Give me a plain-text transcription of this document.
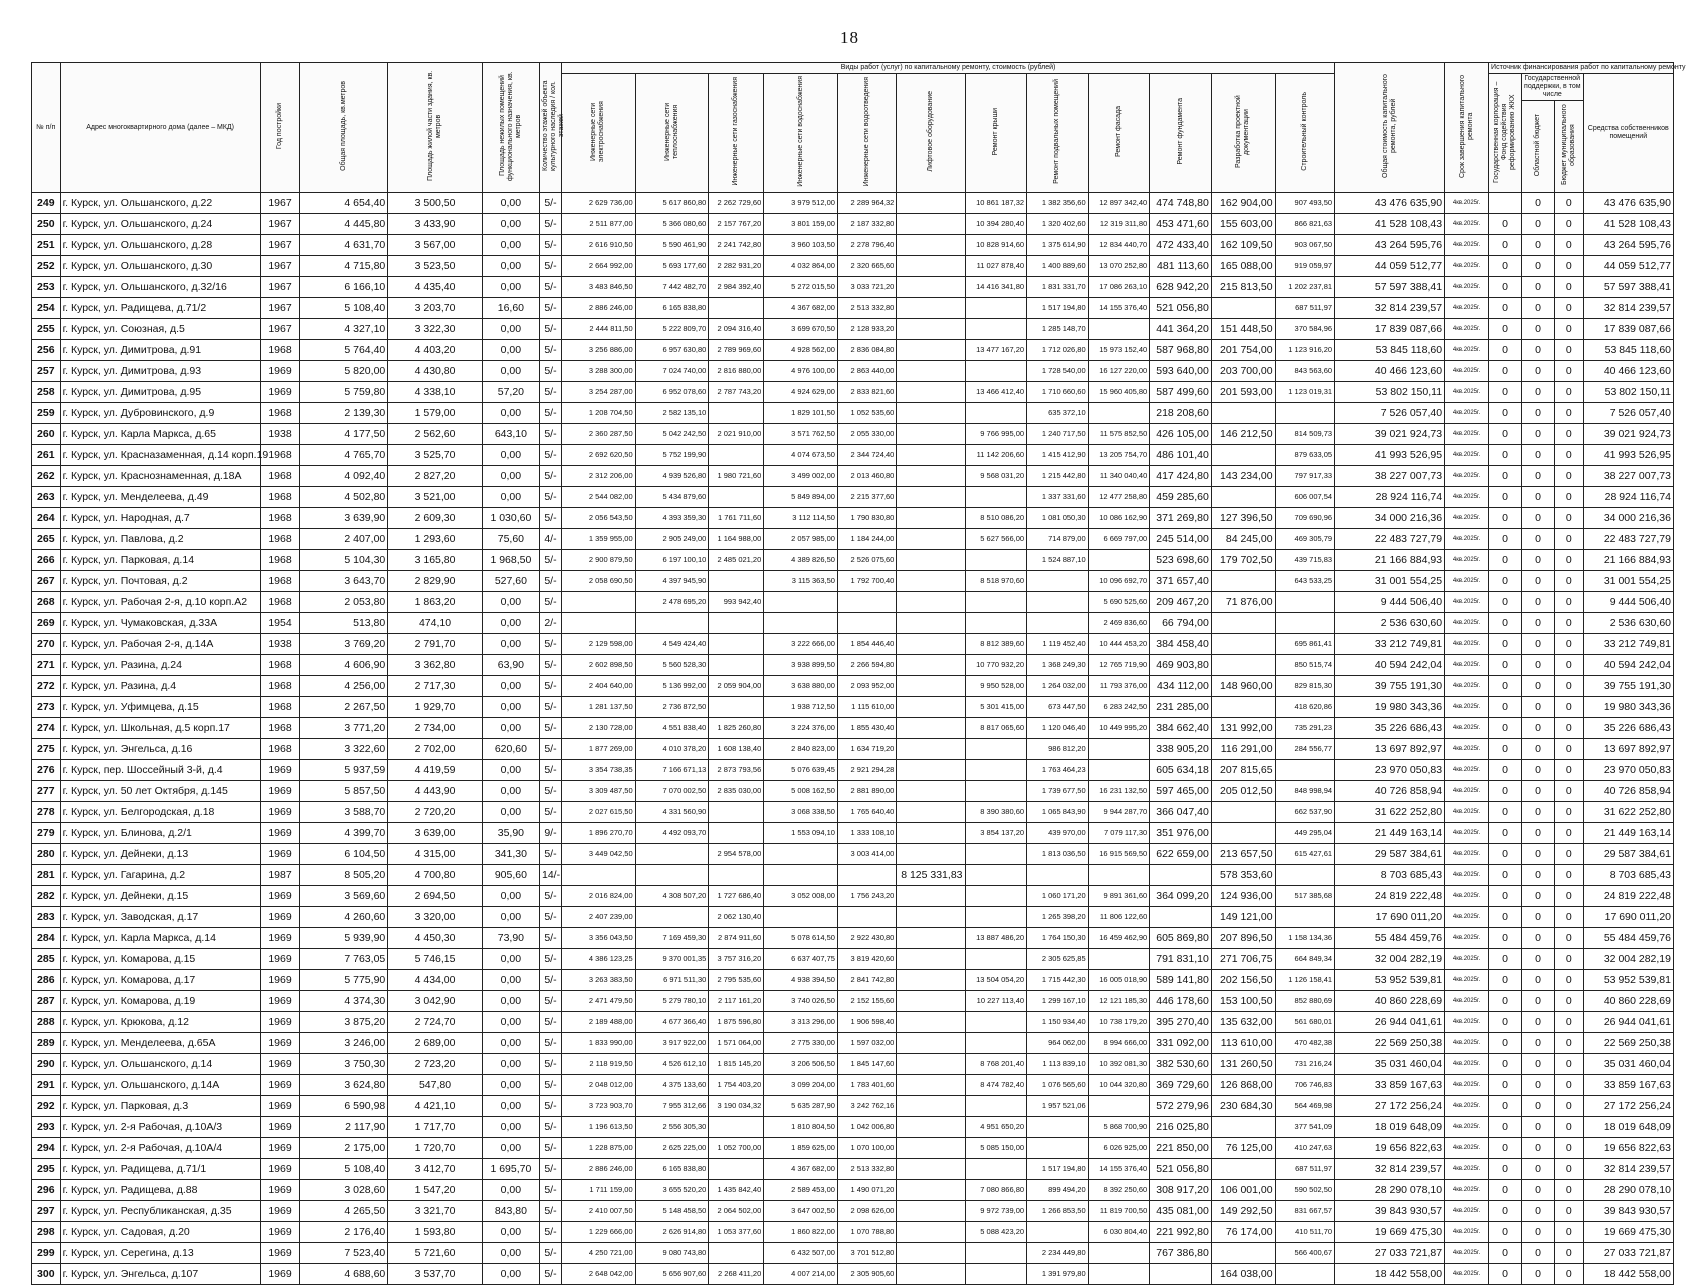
18
№ п/п	Адрес многоквартирного дома (далее – МКД)	Год постройки	Общая площадь, кв.метров	Площадь жилой части здания, кв. метров	Площадь нежилых помещений функционального назначения, кв. метров	Количество этажей объекта культурного наследия / кол. этажей	Виды работ (услуг) по капитальному ремонту, стоимость (рублей)												Общая стоимость капитального ремонта, рублей	Срок завершения капитального ремонта	Источник финансирования работ по капитальному ремонту			
							Инженерные сети электроснабжения	Инженерные сети теплоснабжения	Инженерные сети газоснабжения	Инженерные сети водоснабжения	Инженерные сети водоотведения	Лифтовое оборудование	Ремонт крыши	Ремонт подвальных помещений	Ремонт фасада	Ремонт фундамента	Разработка проектной документации	Строительный контроль			Государственная корпорация – Фонд содействия реформированию ЖКХ	Государственной поддержки, в том числе		Средства собственников помещений
																						Областной бюджет	Бюджет муниципального образования	
249	г. Курск, ул. Ольшанского, д.22	1967	4 654,40	3 500,50	0,00	5/-	2 629 736,00	5 617 860,80	2 262 729,60	3 979 512,00	2 289 964,32		10 861 187,32	1 382 356,60	12 897 342,40	474 748,80	162 904,00	907 493,50	43 476 635,90	4кв.2025г.		0	0	43 476 635,90
250	г. Курск, ул. Ольшанского, д.24	1967	4 445,80	3 433,90	0,00	5/-	2 511 877,00	5 366 080,60	2 157 767,20	3 801 159,00	2 187 332,80		10 394 280,40	1 320 402,60	12 319 311,80	453 471,60	155 603,00	866 821,63	41 528 108,43	4кв.2025г.	0	0	0	41 528 108,43
251	г. Курск, ул. Ольшанского, д.28	1967	4 631,70	3 567,00	0,00	5/-	2 616 910,50	5 590 461,90	2 241 742,80	3 960 103,50	2 278 796,40		10 828 914,60	1 375 614,90	12 834 440,70	472 433,40	162 109,50	903 067,50	43 264 595,76	4кв.2025г.	0	0	0	43 264 595,76
252	г. Курск, ул. Ольшанского, д.30	1967	4 715,80	3 523,50	0,00	5/-	2 664 992,00	5 693 177,60	2 282 931,20	4 032 864,00	2 320 665,60		11 027 878,40	1 400 889,60	13 070 252,80	481 113,60	165 088,00	919 059,97	44 059 512,77	4кв.2025г.	0	0	0	44 059 512,77
253	г. Курск, ул. Ольшанского, д.32/16	1967	6 166,10	4 435,40	0,00	5/-	3 483 846,50	7 442 482,70	2 984 392,40	5 272 015,50	3 033 721,20		14 416 341,80	1 831 331,70	17 086 263,10	628 942,20	215 813,50	1 202 237,81	57 597 388,41	4кв.2025г.	0	0	0	57 597 388,41
254	г. Курск, ул. Радищева, д.71/2	1967	5 108,40	3 203,70	16,60	5/-	2 886 246,00	6 165 838,80		4 367 682,00	2 513 332,80			1 517 194,80	14 155 376,40	521 056,80		687 511,97	32 814 239,57	4кв.2025г.	0	0	0	32 814 239,57
255	г. Курск, ул. Союзная, д.5	1967	4 327,10	3 322,30	0,00	5/-	2 444 811,50	5 222 809,70	2 094 316,40	3 699 670,50	2 128 933,20			1 285 148,70		441 364,20	151 448,50	370 584,96	17 839 087,66	4кв.2025г.	0	0	0	17 839 087,66
256	г. Курск, ул. Димитрова, д.91	1968	5 764,40	4 403,20	0,00	5/-	3 256 886,00	6 957 630,80	2 789 969,60	4 928 562,00	2 836 084,80		13 477 167,20	1 712 026,80	15 973 152,40	587 968,80	201 754,00	1 123 916,20	53 845 118,60	4кв.2025г.	0	0	0	53 845 118,60
257	г. Курск, ул. Димитрова, д.93	1969	5 820,00	4 430,80	0,00	5/-	3 288 300,00	7 024 740,00	2 816 880,00	4 976 100,00	2 863 440,00			1 728 540,00	16 127 220,00	593 640,00	203 700,00	843 563,60	40 466 123,60	4кв.2025г.	0	0	0	40 466 123,60
258	г. Курск, ул. Димитрова, д.95	1969	5 759,80	4 338,10	57,20	5/-	3 254 287,00	6 952 078,60	2 787 743,20	4 924 629,00	2 833 821,60		13 466 412,40	1 710 660,60	15 960 405,80	587 499,60	201 593,00	1 123 019,31	53 802 150,11	4кв.2025г.	0	0	0	53 802 150,11
259	г. Курск, ул. Дубровинского, д.9	1968	2 139,30	1 579,00	0,00	5/-	1 208 704,50	2 582 135,10		1 829 101,50	1 052 535,60			635 372,10		218 208,60			7 526 057,40	4кв.2025г.	0	0	0	7 526 057,40
260	г. Курск, ул. Карла Маркса, д.65	1938	4 177,50	2 562,60	643,10	5/-	2 360 287,50	5 042 242,50	2 021 910,00	3 571 762,50	2 055 330,00		9 766 995,00	1 240 717,50	11 575 852,50	426 105,00	146 212,50	814 509,73	39 021 924,73	4кв.2025г.	0	0	0	39 021 924,73
261	г. Курск, ул. Красназаменная, д.14 корп.19	1968	4 765,70	3 525,70	0,00	5/-	2 692 620,50	5 752 199,90		4 074 673,50	2 344 724,40		11 142 206,60	1 415 412,90	13 205 754,70	486 101,40		879 633,05	41 993 526,95	4кв.2025г.	0	0	0	41 993 526,95
262	г. Курск, ул. Краснознаменная, д.18А	1968	4 092,40	2 827,20	0,00	5/-	2 312 206,00	4 939 526,80	1 980 721,60	3 499 002,00	2 013 460,80		9 568 031,20	1 215 442,80	11 340 040,40	417 424,80	143 234,00	797 917,33	38 227 007,73	4кв.2025г.	0	0	0	38 227 007,73
263	г. Курск, ул. Менделеева, д.49	1968	4 502,80	3 521,00	0,00	5/-	2 544 082,00	5 434 879,60		5 849 894,00	2 215 377,60			1 337 331,60	12 477 258,80	459 285,60		606 007,54	28 924 116,74	4кв.2025г.	0	0	0	28 924 116,74
264	г. Курск, ул. Народная, д.7	1968	3 639,90	2 609,30	1 030,60	5/-	2 056 543,50	4 393 359,30	1 761 711,60	3 112 114,50	1 790 830,80		8 510 086,20	1 081 050,30	10 086 162,90	371 269,80	127 396,50	709 690,96	34 000 216,36	4кв.2025г.	0	0	0	34 000 216,36
265	г. Курск, ул. Павлова, д.2	1968	2 407,00	1 293,60	75,60	4/-	1 359 955,00	2 905 249,00	1 164 988,00	2 057 985,00	1 184 244,00		5 627 566,00	714 879,00	6 669 797,00	245 514,00	84 245,00	469 305,79	22 483 727,79	4кв.2025г.	0	0	0	22 483 727,79
266	г. Курск, ул. Парковая, д.14	1968	5 104,30	3 165,80	1 968,50	5/-	2 900 879,50	6 197 100,10	2 485 021,20	4 389 826,50	2 526 075,60			1 524 887,10		523 698,60	179 702,50	439 715,83	21 166 884,93	4кв.2025г.	0	0	0	21 166 884,93
267	г. Курск, ул. Почтовая, д.2	1968	3 643,70	2 829,90	527,60	5/-	2 058 690,50	4 397 945,90		3 115 363,50	1 792 700,40		8 518 970,60		10 096 692,70	371 657,40		643 533,25	31 001 554,25	4кв.2025г.	0	0	0	31 001 554,25
268	г. Курск, ул. Рабочая 2-я, д.10 корп.А2	1968	2 053,80	1 863,20	0,00	5/-		2 478 695,20	993 942,40						5 690 525,60	209 467,20	71 876,00		9 444 506,40	4кв.2025г.	0	0	0	9 444 506,40
269	г. Курск, ул. Чумаковская, д.33А	1954	513,80	474,10	0,00	2/-									2 469 836,60	66 794,00			2 536 630,60	4кв.2025г.	0	0	0	2 536 630,60
270	г. Курск, ул. Рабочая 2-я, д.14А	1938	3 769,20	2 791,70	0,00	5/-	2 129 598,00	4 549 424,40		3 222 666,00	1 854 446,40		8 812 389,60	1 119 452,40	10 444 453,20	384 458,40		695 861,41	33 212 749,81	4кв.2025г.	0	0	0	33 212 749,81
271	г. Курск, ул. Разина, д.24	1968	4 606,90	3 362,80	63,90	5/-	2 602 898,50	5 560 528,30		3 938 899,50	2 266 594,80		10 770 932,20	1 368 249,30	12 765 719,90	469 903,80		850 515,74	40 594 242,04	4кв.2025г.	0	0	0	40 594 242,04
272	г. Курск, ул. Разина, д.4	1968	4 256,00	2 717,30	0,00	5/-	2 404 640,00	5 136 992,00	2 059 904,00	3 638 880,00	2 093 952,00		9 950 528,00	1 264 032,00	11 793 376,00	434 112,00	148 960,00	829 815,30	39 755 191,30	4кв.2025г.	0	0	0	39 755 191,30
273	г. Курск, ул. Уфимцева, д.15	1968	2 267,50	1 929,70	0,00	5/-	1 281 137,50	2 736 872,50		1 938 712,50	1 115 610,00		5 301 415,00	673 447,50	6 283 242,50	231 285,00		418 620,86	19 980 343,36	4кв.2025г.	0	0	0	19 980 343,36
274	г. Курск, ул. Школьная, д.5 корп.17	1968	3 771,20	2 734,00	0,00	5/-	2 130 728,00	4 551 838,40	1 825 260,80	3 224 376,00	1 855 430,40		8 817 065,60	1 120 046,40	10 449 995,20	384 662,40	131 992,00	735 291,23	35 226 686,43	4кв.2025г.	0	0	0	35 226 686,43
275	г. Курск, ул. Энгельса, д.16	1968	3 322,60	2 702,00	620,60	5/-	1 877 269,00	4 010 378,20	1 608 138,40	2 840 823,00	1 634 719,20			986 812,20		338 905,20	116 291,00	284 556,77	13 697 892,97	4кв.2025г.	0	0	0	13 697 892,97
276	г. Курск, пер. Шоссейный 3-й, д.4	1969	5 937,59	4 419,59	0,00	5/-	3 354 738,35	7 166 671,13	2 873 793,56	5 076 639,45	2 921 294,28			1 763 464,23		605 634,18	207 815,65		23 970 050,83	4кв.2025г.	0	0	0	23 970 050,83
277	г. Курск, ул. 50 лет Октября, д.145	1969	5 857,50	4 443,90	0,00	5/-	3 309 487,50	7 070 002,50	2 835 030,00	5 008 162,50	2 881 890,00			1 739 677,50	16 231 132,50	597 465,00	205 012,50	848 998,94	40 726 858,94	4кв.2025г.	0	0	0	40 726 858,94
278	г. Курск, ул. Белгородская, д.18	1969	3 588,70	2 720,20	0,00	5/-	2 027 615,50	4 331 560,90		3 068 338,50	1 765 640,40		8 390 380,60	1 065 843,90	9 944 287,70	366 047,40		662 537,90	31 622 252,80	4кв.2025г.	0	0	0	31 622 252,80
279	г. Курск, ул. Блинова, д.2/1	1969	4 399,70	3 639,00	35,90	9/-	1 896 270,70	4 492 093,70		1 553 094,10	1 333 108,10		3 854 137,20	439 970,00	7 079 117,30	351 976,00		449 295,04	21 449 163,14	4кв.2025г.	0	0	0	21 449 163,14
280	г. Курск, ул. Дейнеки, д.13	1969	6 104,50	4 315,00	341,30	5/-	3 449 042,50		2 954 578,00		3 003 414,00			1 813 036,50	16 915 569,50	622 659,00	213 657,50	615 427,61	29 587 384,61	4кв.2025г.	0	0	0	29 587 384,61
281	г. Курск, ул. Гагарина, д.2	1987	8 505,20	4 700,80	905,60	14/-						8 125 331,83					578 353,60		8 703 685,43	4кв.2025г.	0	0	0	8 703 685,43
282	г. Курск, ул. Дейнеки, д.15	1969	3 569,60	2 694,50	0,00	5/-	2 016 824,00	4 308 507,20	1 727 686,40	3 052 008,00	1 756 243,20			1 060 171,20	9 891 361,60	364 099,20	124 936,00	517 385,68	24 819 222,48	4кв.2025г.	0	0	0	24 819 222,48
283	г. Курск, ул. Заводская, д.17	1969	4 260,60	3 320,00	0,00	5/-	2 407 239,00		2 062 130,40					1 265 398,20	11 806 122,60		149 121,00		17 690 011,20	4кв.2025г.	0	0	0	17 690 011,20
284	г. Курск, ул. Карла Маркса, д.14	1969	5 939,90	4 450,30	73,90	5/-	3 356 043,50	7 169 459,30	2 874 911,60	5 078 614,50	2 922 430,80		13 887 486,20	1 764 150,30	16 459 462,90	605 869,80	207 896,50	1 158 134,36	55 484 459,76	4кв.2025г.	0	0	0	55 484 459,76
285	г. Курск, ул. Комарова, д.15	1969	7 763,05	5 746,15	0,00	5/-	4 386 123,25	9 370 001,35	3 757 316,20	6 637 407,75	3 819 420,60			2 305 625,85		791 831,10	271 706,75	664 849,34	32 004 282,19	4кв.2025г.	0	0	0	32 004 282,19
286	г. Курск, ул. Комарова, д.17	1969	5 775,90	4 434,00	0,00	5/-	3 263 383,50	6 971 511,30	2 795 535,60	4 938 394,50	2 841 742,80		13 504 054,20	1 715 442,30	16 005 018,90	589 141,80	202 156,50	1 126 158,41	53 952 539,81	4кв.2025г.	0	0	0	53 952 539,81
287	г. Курск, ул. Комарова, д.19	1969	4 374,30	3 042,90	0,00	5/-	2 471 479,50	5 279 780,10	2 117 161,20	3 740 026,50	2 152 155,60		10 227 113,40	1 299 167,10	12 121 185,30	446 178,60	153 100,50	852 880,69	40 860 228,69	4кв.2025г.	0	0	0	40 860 228,69
288	г. Курск, ул. Крюкова, д.12	1969	3 875,20	2 724,70	0,00	5/-	2 189 488,00	4 677 366,40	1 875 596,80	3 313 296,00	1 906 598,40			1 150 934,40	10 738 179,20	395 270,40	135 632,00	561 680,01	26 944 041,61	4кв.2025г.	0	0	0	26 944 041,61
289	г. Курск, ул. Менделеева, д.65А	1969	3 246,00	2 689,00	0,00	5/-	1 833 990,00	3 917 922,00	1 571 064,00	2 775 330,00	1 597 032,00			964 062,00	8 994 666,00	331 092,00	113 610,00	470 482,38	22 569 250,38	4кв.2025г.	0	0	0	22 569 250,38
290	г. Курск, ул. Ольшанского, д.14	1969	3 750,30	2 723,20	0,00	5/-	2 118 919,50	4 526 612,10	1 815 145,20	3 206 506,50	1 845 147,60		8 768 201,40	1 113 839,10	10 392 081,30	382 530,60	131 260,50	731 216,24	35 031 460,04	4кв.2025г.	0	0	0	35 031 460,04
291	г. Курск, ул. Ольшанского, д.14А	1969	3 624,80	547,80	0,00	5/-	2 048 012,00	4 375 133,60	1 754 403,20	3 099 204,00	1 783 401,60		8 474 782,40	1 076 565,60	10 044 320,80	369 729,60	126 868,00	706 746,83	33 859 167,63	4кв.2025г.	0	0	0	33 859 167,63
292	г. Курск, ул. Парковая, д.3	1969	6 590,98	4 421,10	0,00	5/-	3 723 903,70	7 955 312,66	3 190 034,32	5 635 287,90	3 242 762,16			1 957 521,06		572 279,96	230 684,30	564 469,98	27 172 256,24	4кв.2025г.	0	0	0	27 172 256,24
293	г. Курск, ул. 2-я Рабочая, д.10А/3	1969	2 117,90	1 717,70	0,00	5/-	1 196 613,50	2 556 305,30		1 810 804,50	1 042 006,80		4 951 650,20		5 868 700,90	216 025,80		377 541,09	18 019 648,09	4кв.2025г.	0	0	0	18 019 648,09
294	г. Курск, ул. 2-я Рабочая, д.10А/4	1969	2 175,00	1 720,70	0,00	5/-	1 228 875,00	2 625 225,00	1 052 700,00	1 859 625,00	1 070 100,00		5 085 150,00		6 026 925,00	221 850,00	76 125,00	410 247,63	19 656 822,63	4кв.2025г.	0	0	0	19 656 822,63
295	г. Курск, ул. Радищева, д.71/1	1969	5 108,40	3 412,70	1 695,70	5/-	2 886 246,00	6 165 838,80		4 367 682,00	2 513 332,80			1 517 194,80	14 155 376,40	521 056,80		687 511,97	32 814 239,57	4кв.2025г.	0	0	0	32 814 239,57
296	г. Курск, ул. Радищева, д.88	1969	3 028,60	1 547,20	0,00	5/-	1 711 159,00	3 655 520,20	1 435 842,40	2 589 453,00	1 490 071,20		7 080 866,80	899 494,20	8 392 250,60	308 917,20	106 001,00	590 502,50	28 290 078,10	4кв.2025г.	0	0	0	28 290 078,10
297	г. Курск, ул. Республиканская, д.35	1969	4 265,50	3 321,70	843,80	5/-	2 410 007,50	5 148 458,50	2 064 502,00	3 647 002,50	2 098 626,00		9 972 739,00	1 266 853,50	11 819 700,50	435 081,00	149 292,50	831 667,57	39 843 930,57	4кв.2025г.	0	0	0	39 843 930,57
298	г. Курск, ул. Садовая, д.20	1969	2 176,40	1 593,80	0,00	5/-	1 229 666,00	2 626 914,80	1 053 377,60	1 860 822,00	1 070 788,80		5 088 423,20		6 030 804,40	221 992,80	76 174,00	410 511,70	19 669 475,30	4кв.2025г.	0	0	0	19 669 475,30
299	г. Курск, ул. Серегина, д.13	1969	7 523,40	5 721,60	0,00	5/-	4 250 721,00	9 080 743,80		6 432 507,00	3 701 512,80			2 234 449,80		767 386,80		566 400,67	27 033 721,87	4кв.2025г.	0	0	0	27 033 721,87
300	г. Курск, ул. Энгельса, д.107	1969	4 688,60	3 537,70	0,00	5/-	2 648 042,00	5 656 907,60	2 268 411,20	4 007 214,00	2 305 905,60			1 391 979,80			164 038,00		18 442 558,00	4кв.2025г.	0	0	0	18 442 558,00
